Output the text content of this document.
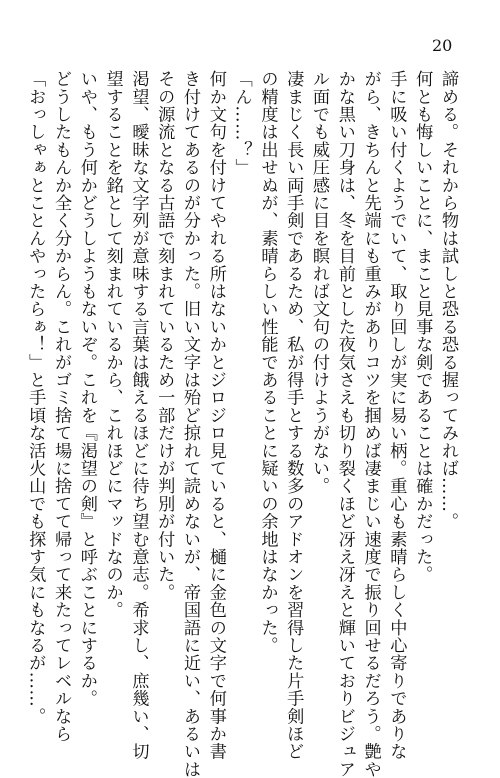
20

諦める。それから物は試しと恐る恐る握ってみれば……。

何とも悔しいことに、まこと見事な剣であることは確かだった。

手に吸い付くようでいて、取り回しが実に易い柄。重心も素晴らしく中心寄りでありな

がら、きちんと先端にも重みがありコツを掴めば凄まじい速度で振り回せるだろう。艶や

かな黒い刀身は、冬を目前とした夜気さえも切り裂くほど冴え冴えと輝いておりビジュア

ル面でも威圧感に目を瞑れば文句の付けようがない。

凄まじく長い両手剣であるため、私が得手とする数多のアドオンを習得した片手剣ほど

の精度は出せぬが、素晴らしい性能であることに疑いの余地はなかった。

「ん……？」

何か文句を付けてやれる所はないかとジロジロ見ていると、樋に金色の文字で何事か書

き付けてあるのが分かった。旧い文字は殆ど掠れて読めないが、帝国語に近い、あるいは

その源流となる古語で刻まれているため一部だけが判別が付いた。

渇望、曖昧な文字列が意味する言葉は餓えるほどに待ち望む意志。希求し、庶幾い、切

望することを銘として刻まれているから、これほどにマッドなのか。

いや、もう何かどうしようもないぞ。これを『渇望の剣』と呼ぶことにするか。

どうしたもんか全く分からん。これがゴミ捨て場に捨てて帰って来たってレベルなら

「おっしゃぁとことんやったらぁ！」と手頃な活火山でも探す気にもなるが……。
